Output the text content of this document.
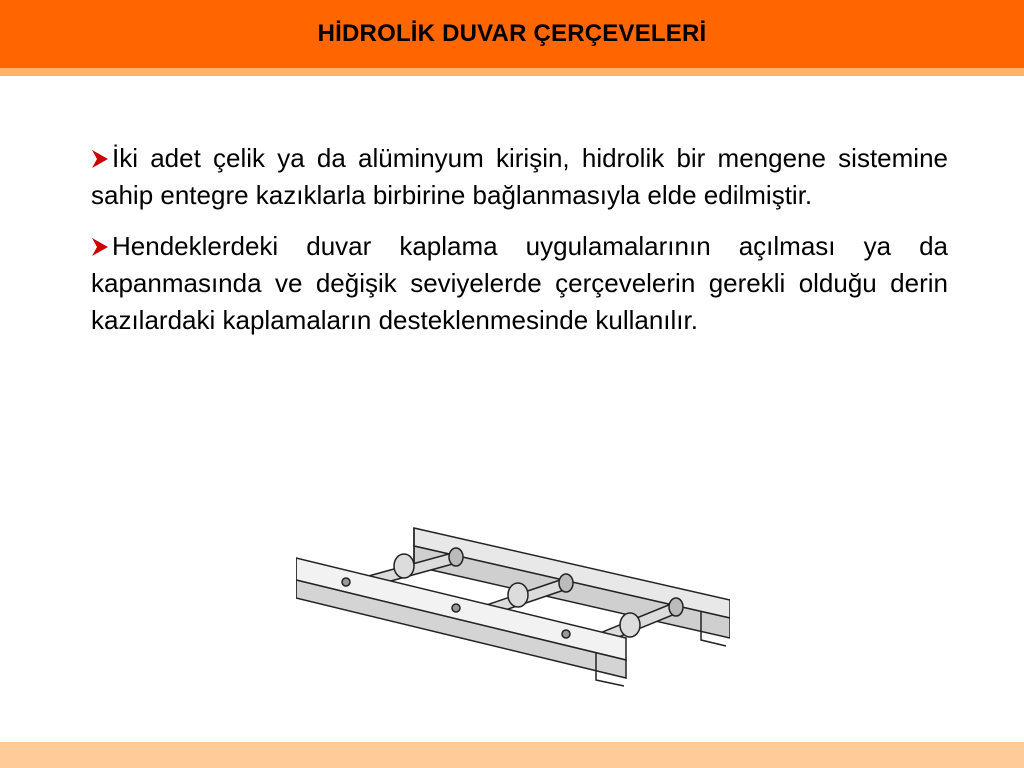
HİDROLİK DUVAR ÇERÇEVELERİ

İki adet çelik ya da alüminyum kirişin, hidrolik bir mengene sistemine sahip entegre kazıklarla birbirine bağlanmasıyla elde edilmiştir.

Hendeklerdeki duvar kaplama uygulamalarının açılması ya da kapanmasında ve değişik seviyelerde çerçevelerin gerekli olduğu derin kazılardaki kaplamaların desteklenmesinde kullanılır.
